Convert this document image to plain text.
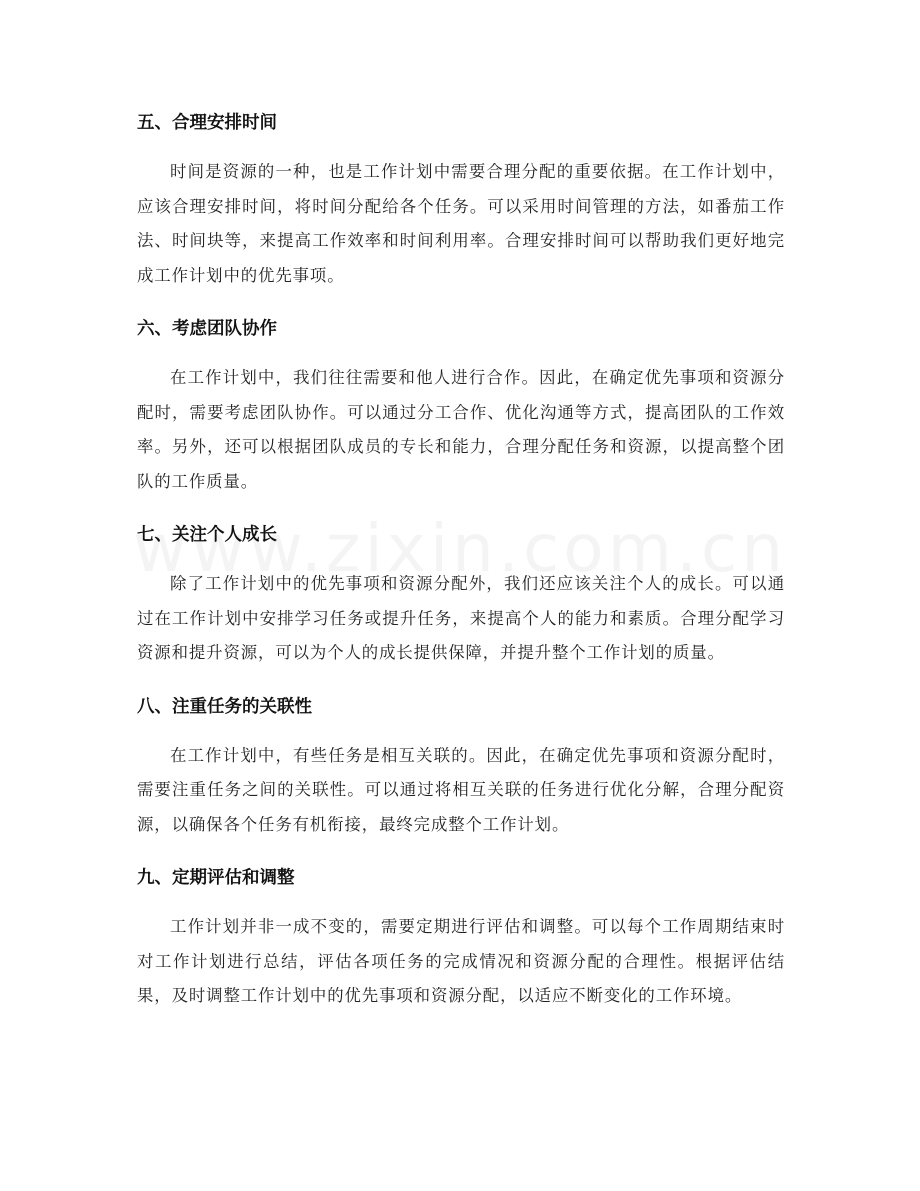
五、合理安排时间

时间是资源的一种，也是工作计划中需要合理分配的重要依据。在工作计划中，应该合理安排时间，将时间分配给各个任务。可以采用时间管理的方法，如番茄工作法、时间块等，来提高工作效率和时间利用率。合理安排时间可以帮助我们更好地完成工作计划中的优先事项。

六、考虑团队协作

在工作计划中，我们往往需要和他人进行合作。因此，在确定优先事项和资源分配时，需要考虑团队协作。可以通过分工合作、优化沟通等方式，提高团队的工作效率。另外，还可以根据团队成员的专长和能力，合理分配任务和资源，以提高整个团队的工作质量。

七、关注个人成长

除了工作计划中的优先事项和资源分配外，我们还应该关注个人的成长。可以通过在工作计划中安排学习任务或提升任务，来提高个人的能力和素质。合理分配学习资源和提升资源，可以为个人的成长提供保障，并提升整个工作计划的质量。

八、注重任务的关联性

在工作计划中，有些任务是相互关联的。因此，在确定优先事项和资源分配时，需要注重任务之间的关联性。可以通过将相互关联的任务进行优化分解，合理分配资源，以确保各个任务有机衔接，最终完成整个工作计划。

九、定期评估和调整

工作计划并非一成不变的，需要定期进行评估和调整。可以每个工作周期结束时对工作计划进行总结，评估各项任务的完成情况和资源分配的合理性。根据评估结果，及时调整工作计划中的优先事项和资源分配，以适应不断变化的工作环境。
